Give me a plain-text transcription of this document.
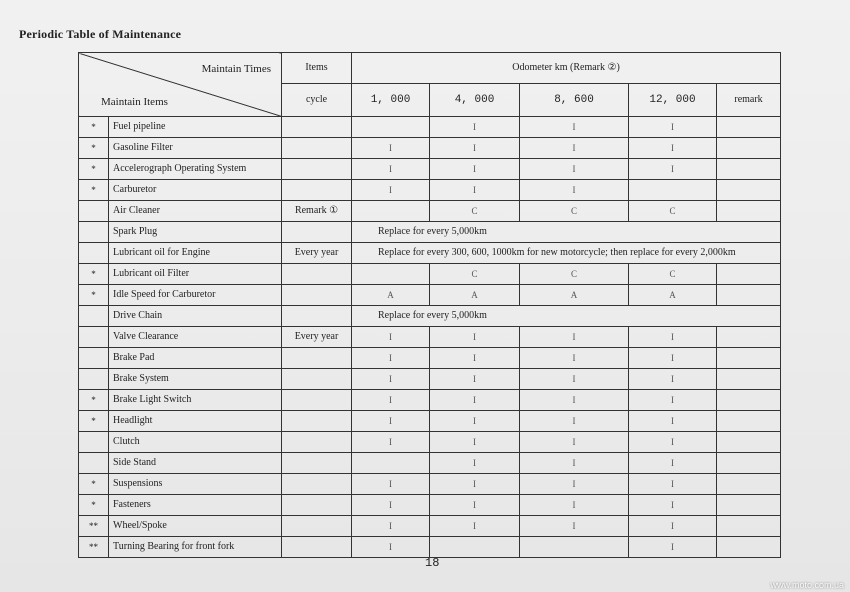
Periodic Table of Maintenance
Maintain Times
Maintain Items		Items	Odometer km (Remark ②)				
		cycle	1, 000	4, 000	8, 600	12, 000	remark
*	Fuel pipeline			I	I	I	
*	Gasoline Filter		I	I	I	I	
*	Accelerograph Operating System		I	I	I	I	
*	Carburetor		I	I	I		
	Air Cleaner	Remark ①		C	C	C	
	Spark Plug		Replace for every 5,000km				
	Lubricant oil for Engine	Every year	Replace for every 300, 600, 1000km for new motorcycle; then replace for every 2,000km				
*	Lubricant oil Filter			C	C	C	
*	Idle Speed for Carburetor		A	A	A	A	
	Drive Chain		Replace for every 5,000km				
	Valve Clearance	Every year	I	I	I	I	
	Brake Pad		I	I	I	I	
	Brake System		I	I	I	I	
*	Brake Light Switch		I	I	I	I	
*	Headlight		I	I	I	I	
	Clutch		I	I	I	I	
	Side Stand			I	I	I	
*	Suspensions		I	I	I	I	
*	Fasteners		I	I	I	I	
**	Wheel/Spoke		I	I	I	I	
**	Turning Bearing for front fork		I			I	
18
www.moto.com.ua
